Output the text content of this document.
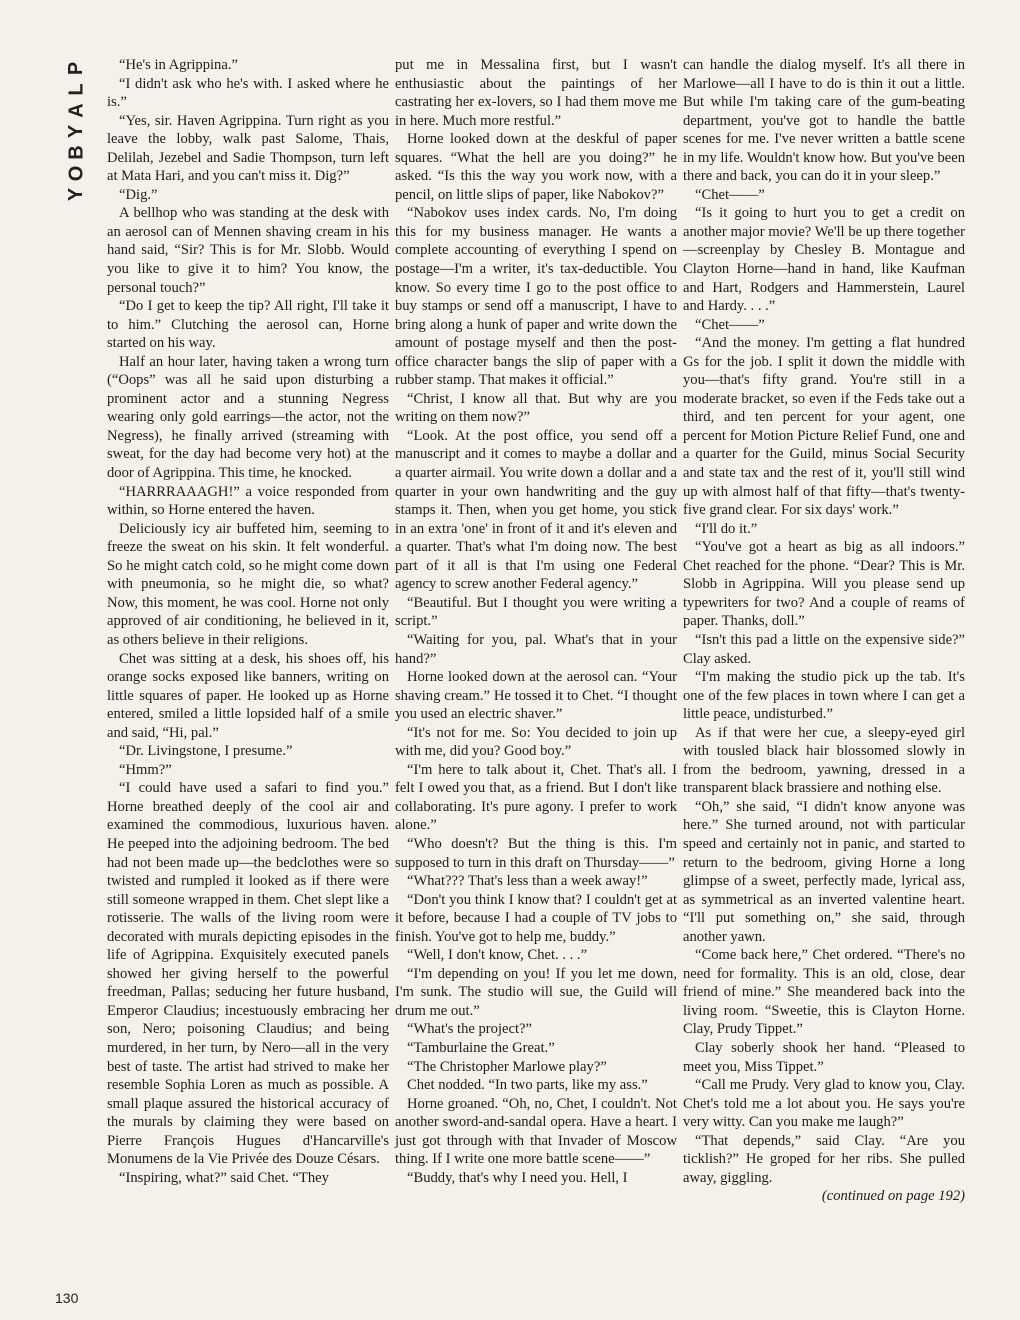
P
L
A
Y
B
O
Y

“He's in Agrippina.”

“I didn't ask who he's with. I asked where he is.”

“Yes, sir. Haven Agrippina. Turn right as you leave the lobby, walk past Salome, Thais, Delilah, Jezebel and Sadie Thompson, turn left at Mata Hari, and you can't miss it. Dig?”

“Dig.”

A bellhop who was standing at the desk with an aerosol can of Mennen shaving cream in his hand said, “Sir? This is for Mr. Slobb. Would you like to give it to him? You know, the personal touch?”

“Do I get to keep the tip? All right, I'll take it to him.” Clutching the aerosol can, Horne started on his way.

Half an hour later, having taken a wrong turn (“Oops” was all he said upon disturbing a prominent actor and a stunning Negress wearing only gold earrings—the actor, not the Negress), he finally arrived (streaming with sweat, for the day had become very hot) at the door of Agrippina. This time, he knocked.

“HARRRAAAGH!” a voice responded from within, so Horne entered the haven.

Deliciously icy air buffeted him, seeming to freeze the sweat on his skin. It felt wonderful. So he might catch cold, so he might come down with pneumonia, so he might die, so what? Now, this moment, he was cool. Horne not only approved of air conditioning, he believed in it, as others believe in their religions.

Chet was sitting at a desk, his shoes off, his orange socks exposed like banners, writing on little squares of paper. He looked up as Horne entered, smiled a little lopsided half of a smile and said, “Hi, pal.”

“Dr. Livingstone, I presume.”

“Hmm?”

“I could have used a safari to find you.” Horne breathed deeply of the cool air and examined the commodious, luxurious haven. He peeped into the adjoining bedroom. The bed had not been made up—the bedclothes were so twisted and rumpled it looked as if there were still someone wrapped in them. Chet slept like a rotisserie. The walls of the living room were decorated with murals depicting episodes in the life of Agrippina. Exquisitely executed panels showed her giving herself to the powerful freedman, Pallas; seducing her future husband, Emperor Claudius; incestuously embracing her son, Nero; poisoning Claudius; and being murdered, in her turn, by Nero—all in the very best of taste. The artist had strived to make her resemble Sophia Loren as much as possible. A small plaque assured the historical accuracy of the murals by claiming they were based on Pierre François Hugues d'Hancarville's Monumens de la Vie Privée des Douze Césars.

“Inspiring, what?” said Chet. “They

put me in Messalina first, but I wasn't enthusiastic about the paintings of her castrating her ex-lovers, so I had them move me in here. Much more restful.”

Horne looked down at the deskful of paper squares. “What the hell are you doing?” he asked. “Is this the way you work now, with a pencil, on little slips of paper, like Nabokov?”

“Nabokov uses index cards. No, I'm doing this for my business manager. He wants a complete accounting of everything I spend on postage—I'm a writer, it's tax-deductible. You know. So every time I go to the post office to buy stamps or send off a manuscript, I have to bring along a hunk of paper and write down the amount of postage myself and then the post-office character bangs the slip of paper with a rubber stamp. That makes it official.”

“Christ, I know all that. But why are you writing on them now?”

“Look. At the post office, you send off a manuscript and it comes to maybe a dollar and a quarter airmail. You write down a dollar and a quarter in your own handwriting and the guy stamps it. Then, when you get home, you stick in an extra 'one' in front of it and it's eleven and a quarter. That's what I'm doing now. The best part of it all is that I'm using one Federal agency to screw another Federal agency.”

“Beautiful. But I thought you were writing a script.”

“Waiting for you, pal. What's that in your hand?”

Horne looked down at the aerosol can. “Your shaving cream.” He tossed it to Chet. “I thought you used an electric shaver.”

“It's not for me. So: You decided to join up with me, did you? Good boy.”

“I'm here to talk about it, Chet. That's all. I felt I owed you that, as a friend. But I don't like collaborating. It's pure agony. I prefer to work alone.”

“Who doesn't? But the thing is this. I'm supposed to turn in this draft on Thursday——”

“What??? That's less than a week away!”

“Don't you think I know that? I couldn't get at it before, because I had a couple of TV jobs to finish. You've got to help me, buddy.”

“Well, I don't know, Chet. . . .”

“I'm depending on you! If you let me down, I'm sunk. The studio will sue, the Guild will drum me out.”

“What's the project?”

“Tamburlaine the Great.”

“The Christopher Marlowe play?”

Chet nodded. “In two parts, like my ass.”

Horne groaned. “Oh, no, Chet, I couldn't. Not another sword-and-sandal opera. Have a heart. I just got through with that Invader of Moscow thing. If I write one more battle scene——”

“Buddy, that's why I need you. Hell, I

can handle the dialog myself. It's all there in Marlowe—all I have to do is thin it out a little. But while I'm taking care of the gum-beating department, you've got to handle the battle scenes for me. I've never written a battle scene in my life. Wouldn't know how. But you've been there and back, you can do it in your sleep.”

“Chet——”

“Is it going to hurt you to get a credit on another major movie? We'll be up there together—screenplay by Chesley B. Montague and Clayton Horne—hand in hand, like Kaufman and Hart, Rodgers and Hammerstein, Laurel and Hardy. . . .”

“Chet——”

“And the money. I'm getting a flat hundred Gs for the job. I split it down the middle with you—that's fifty grand. You're still in a moderate bracket, so even if the Feds take out a third, and ten percent for your agent, one percent for Motion Picture Relief Fund, one and a quarter for the Guild, minus Social Security and state tax and the rest of it, you'll still wind up with almost half of that fifty—that's twenty-five grand clear. For six days' work.”

“I'll do it.”

“You've got a heart as big as all indoors.” Chet reached for the phone. “Dear? This is Mr. Slobb in Agrippina. Will you please send up typewriters for two? And a couple of reams of paper. Thanks, doll.”

“Isn't this pad a little on the expensive side?” Clay asked.

“I'm making the studio pick up the tab. It's one of the few places in town where I can get a little peace, undisturbed.”

As if that were her cue, a sleepy-eyed girl with tousled black hair blossomed slowly in from the bedroom, yawning, dressed in a transparent black brassiere and nothing else.

“Oh,” she said, “I didn't know anyone was here.” She turned around, not with particular speed and certainly not in panic, and started to return to the bedroom, giving Horne a long glimpse of a sweet, perfectly made, lyrical ass, as symmetrical as an inverted valentine heart. “I'll put something on,” she said, through another yawn.

“Come back here,” Chet ordered. “There's no need for formality. This is an old, close, dear friend of mine.” She meandered back into the living room. “Sweetie, this is Clayton Horne. Clay, Prudy Tippet.”

Clay soberly shook her hand. “Pleased to meet you, Miss Tippet.”

“Call me Prudy. Very glad to know you, Clay. Chet's told me a lot about you. He says you're very witty. Can you make me laugh?”

“That depends,” said Clay. “Are you ticklish?” He groped for her ribs. She pulled away, giggling.

(continued on page 192)

130
